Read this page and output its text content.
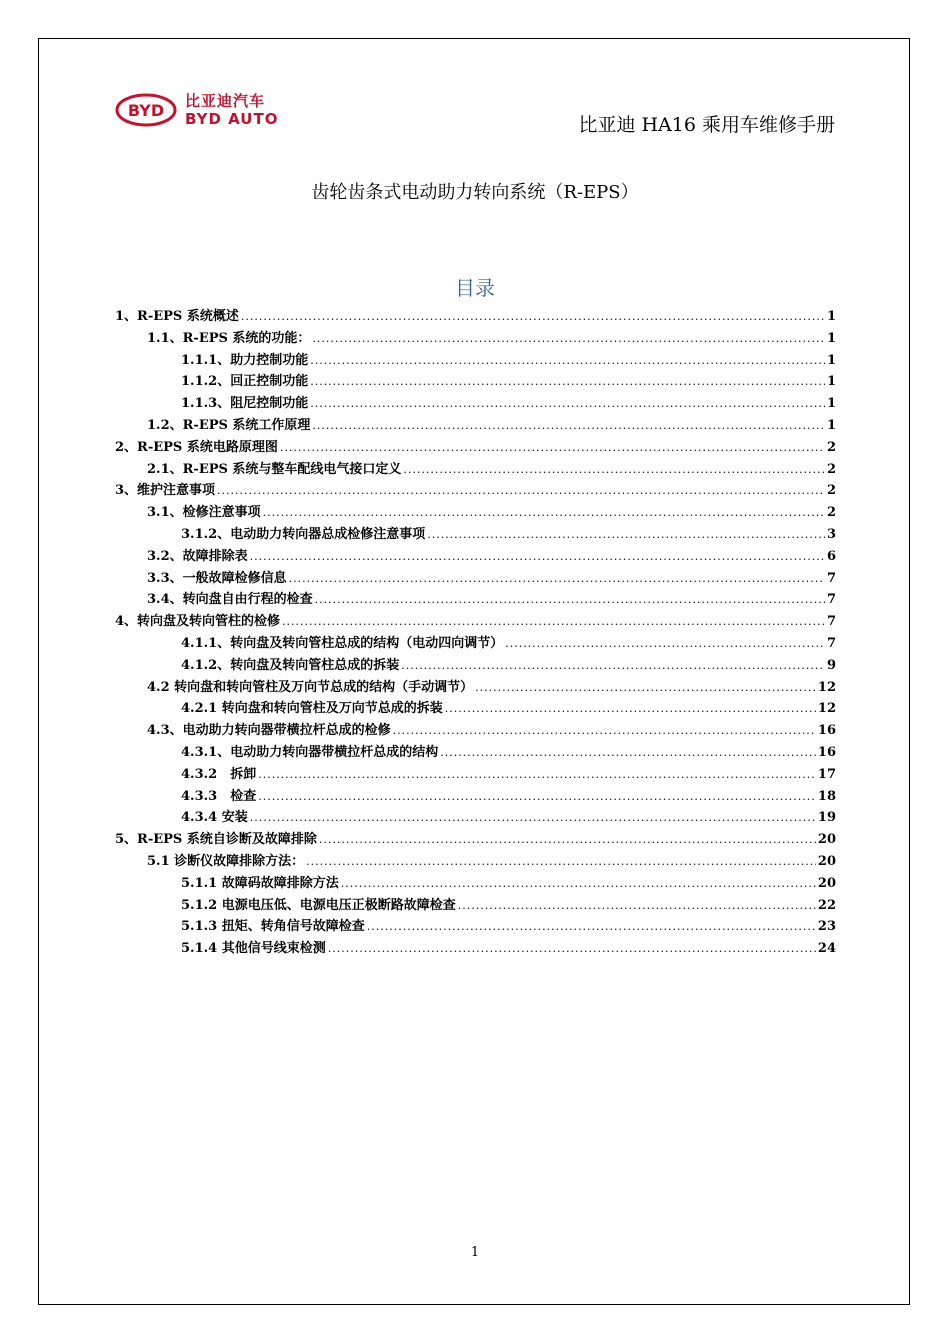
BYD
比亚迪汽车
BYD AUTO	比亚迪 HA16 乘用车维修手册
齿轮齿条式电动助力转向系统（R-EPS）
目录
1、R-EPS 系统概述 .....	1
1.1、R-EPS 系统的功能： .....	1
1.1.1、助力控制功能 .....	1
1.1.2、回正控制功能 .....	1
1.1.3、阻尼控制功能 .....	1
1.2、R-EPS 系统工作原理 .....	1
2、R-EPS 系统电路原理图 .....	2
2.1、R-EPS 系统与整车配线电气接口定义 .....	2
3、维护注意事项 .....	2
3.1、检修注意事项 .....	2
3.1.2、电动助力转向器总成检修注意事项 .....	3
3.2、故障排除表 .....	6
3.3、一般故障检修信息 .....	7
3.4、转向盘自由行程的检查 .....	7
4、转向盘及转向管柱的检修 .....	7
4.1.1、转向盘及转向管柱总成的结构（电动四向调节） .....	7
4.1.2、转向盘及转向管柱总成的拆装 .....	9
4.2 转向盘和转向管柱及万向节总成的结构（手动调节） .....	12
4.2.1 转向盘和转向管柱及万向节总成的拆装 .....	12
4.3、电动助力转向器带横拉杆总成的检修 .....	16
4.3.1、电动助力转向器带横拉杆总成的结构 .....	16
4.3.2　拆卸 .....	17
4.3.3　检查 .....	18
4.3.4 安装 .....	19
5、R-EPS 系统自诊断及故障排除 .....	20
5.1 诊断仪故障排除方法： .....	20
5.1.1 故障码故障排除方法 .....	20
5.1.2 电源电压低、电源电压正极断路故障检查 .....	22
5.1.3 扭矩、转角信号故障检查 .....	23
5.1.4 其他信号线束检测 .....	24
1
